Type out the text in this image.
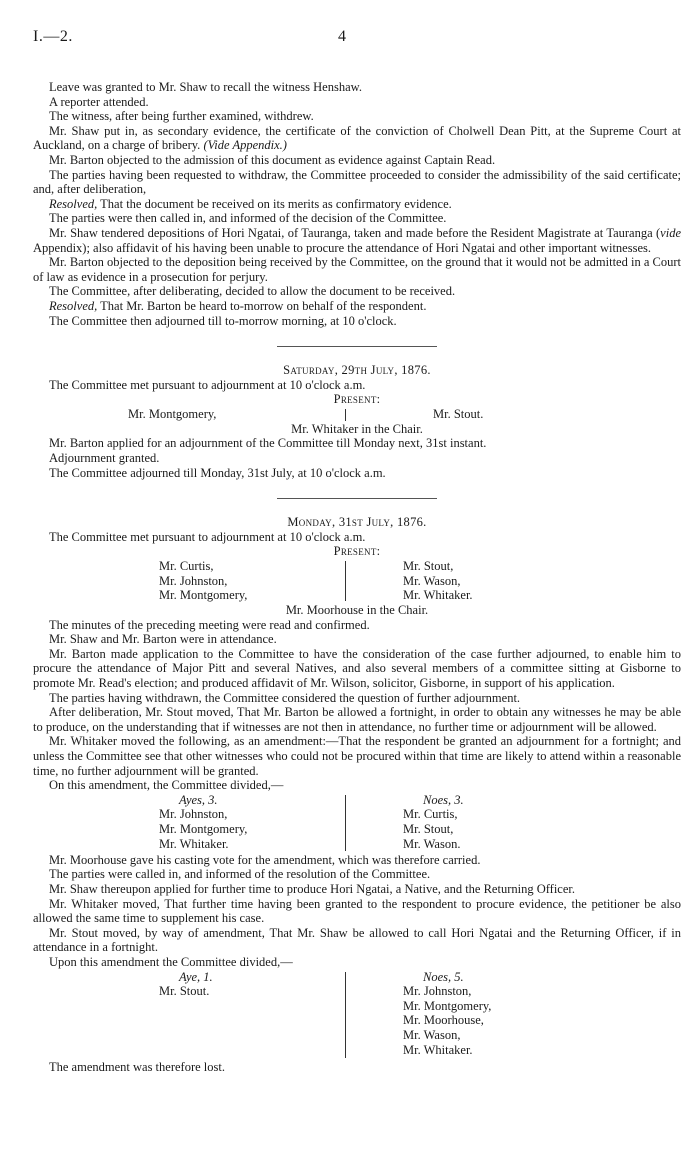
I.—2.	4

Leave was granted to Mr. Shaw to recall the witness Henshaw.

A reporter attended.

The witness, after being further examined, withdrew.

Mr. Shaw put in, as secondary evidence, the certificate of the conviction of Cholwell Dean Pitt, at the Supreme Court at Auckland, on a charge of bribery. (Vide Appendix.)

Mr. Barton objected to the admission of this document as evidence against Captain Read.

The parties having been requested to withdraw, the Committee proceeded to consider the admissibility of the said certificate; and, after deliberation,

Resolved, That the document be received on its merits as confirmatory evidence.

The parties were then called in, and informed of the decision of the Committee.

Mr. Shaw tendered depositions of Hori Ngatai, of Tauranga, taken and made before the Resident Magistrate at Tauranga (vide Appendix); also affidavit of his having been unable to procure the attendance of Hori Ngatai and other important witnesses.

Mr. Barton objected to the deposition being received by the Committee, on the ground that it would not be admitted in a Court of law as evidence in a prosecution for perjury.

The Committee, after deliberating, decided to allow the document to be received.

Resolved, That Mr. Barton be heard to-morrow on behalf of the respondent.

The Committee then adjourned till to-morrow morning, at 10 o'clock.

Saturday, 29th July, 1876.

The Committee met pursuant to adjournment at 10 o'clock a.m.

Present:

Mr. Montgomery,	Mr. Stout.

Mr. Whitaker in the Chair.

Mr. Barton applied for an adjournment of the Committee till Monday next, 31st instant.

Adjournment granted.

The Committee adjourned till Monday, 31st July, at 10 o'clock a.m.

Monday, 31st July, 1876.

The Committee met pursuant to adjournment at 10 o'clock a.m.

Present:

Mr. Curtis,
Mr. Johnston,
Mr. Montgomery,
Mr. Stout,
Mr. Wason,
Mr. Whitaker.

Mr. Moorhouse in the Chair.

The minutes of the preceding meeting were read and confirmed.

Mr. Shaw and Mr. Barton were in attendance.

Mr. Barton made application to the Committee to have the consideration of the case further adjourned, to enable him to procure the attendance of Major Pitt and several Natives, and also several members of a committee sitting at Gisborne to promote Mr. Read's election; and produced affidavit of Mr. Wilson, solicitor, Gisborne, in support of his application.

The parties having withdrawn, the Committee considered the question of further adjournment.

After deliberation, Mr. Stout moved, That Mr. Barton be allowed a fortnight, in order to obtain any witnesses he may be able to produce, on the understanding that if witnesses are not then in attendance, no further time or adjournment will be allowed.

Mr. Whitaker moved the following, as an amendment:—That the respondent be granted an adjournment for a fortnight; and unless the Committee see that other witnesses who could not be procured within that time are likely to attend within a reasonable time, no further adjournment will be granted.

On this amendment, the Committee divided,—

Ayes, 3.
Mr. Johnston,
Mr. Montgomery,
Mr. Whitaker.
Noes, 3.
Mr. Curtis,
Mr. Stout,
Mr. Wason.

Mr. Moorhouse gave his casting vote for the amendment, which was therefore carried.

The parties were called in, and informed of the resolution of the Committee.

Mr. Shaw thereupon applied for further time to produce Hori Ngatai, a Native, and the Returning Officer.

Mr. Whitaker moved, That further time having been granted to the respondent to procure evidence, the petitioner be also allowed the same time to supplement his case.

Mr. Stout moved, by way of amendment, That Mr. Shaw be allowed to call Hori Ngatai and the Returning Officer, if in attendance in a fortnight.

Upon this amendment the Committee divided,—

Aye, 1.
Mr. Stout.
Noes, 5.
Mr. Johnston,
Mr. Montgomery,
Mr. Moorhouse,
Mr. Wason,
Mr. Whitaker.

The amendment was therefore lost.
